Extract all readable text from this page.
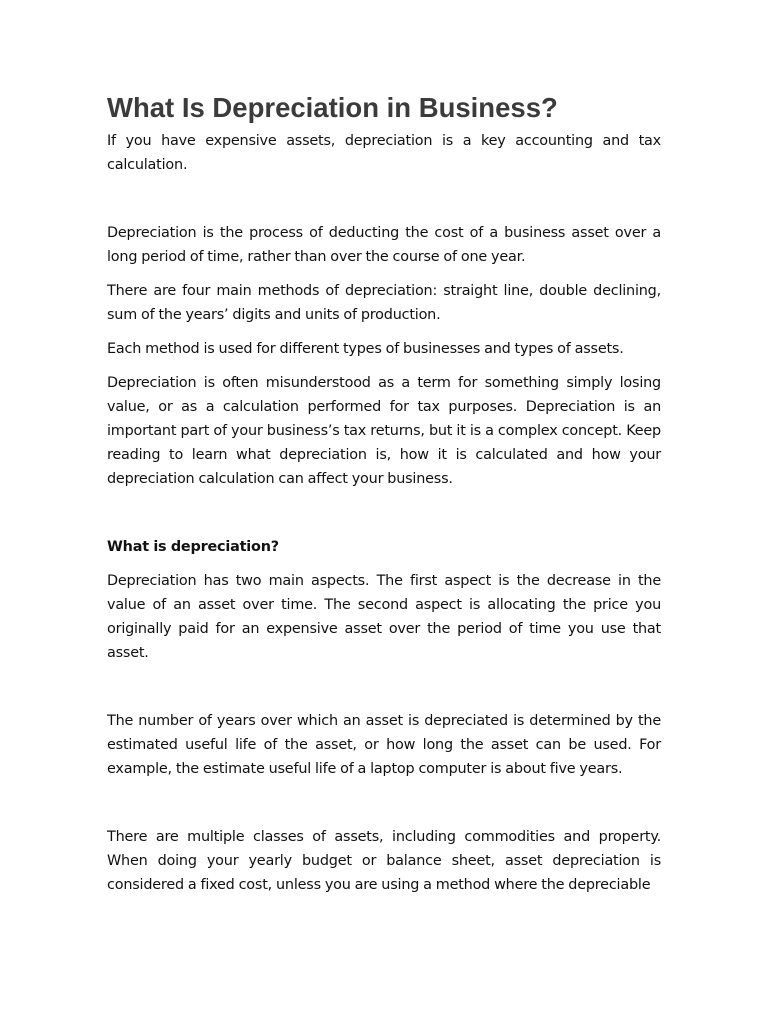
What Is Depreciation in Business?

If you have expensive assets, depreciation is a key accounting and tax calculation.

Depreciation is the process of deducting the cost of a business asset over a long period of time, rather than over the course of one year.

There are four main methods of depreciation: straight line, double declining, sum of the years’ digits and units of production.

Each method is used for different types of businesses and types of assets.

Depreciation is often misunderstood as a term for something simply losing value, or as a calculation performed for tax purposes. Depreciation is an important part of your business’s tax returns, but it is a complex concept. Keep reading to learn what depreciation is, how it is calculated and how your depreciation calculation can affect your business.

What is depreciation?

Depreciation has two main aspects. The first aspect is the decrease in the value of an asset over time. The second aspect is allocating the price you originally paid for an expensive asset over the period of time you use that asset.

The number of years over which an asset is depreciated is determined by the estimated useful life of the asset, or how long the asset can be used. For example, the estimate useful life of a laptop computer is about five years.

There are multiple classes of assets, including commodities and property. When doing your yearly budget or balance sheet, asset depreciation is considered a fixed cost, unless you are using a method where the depreciable
